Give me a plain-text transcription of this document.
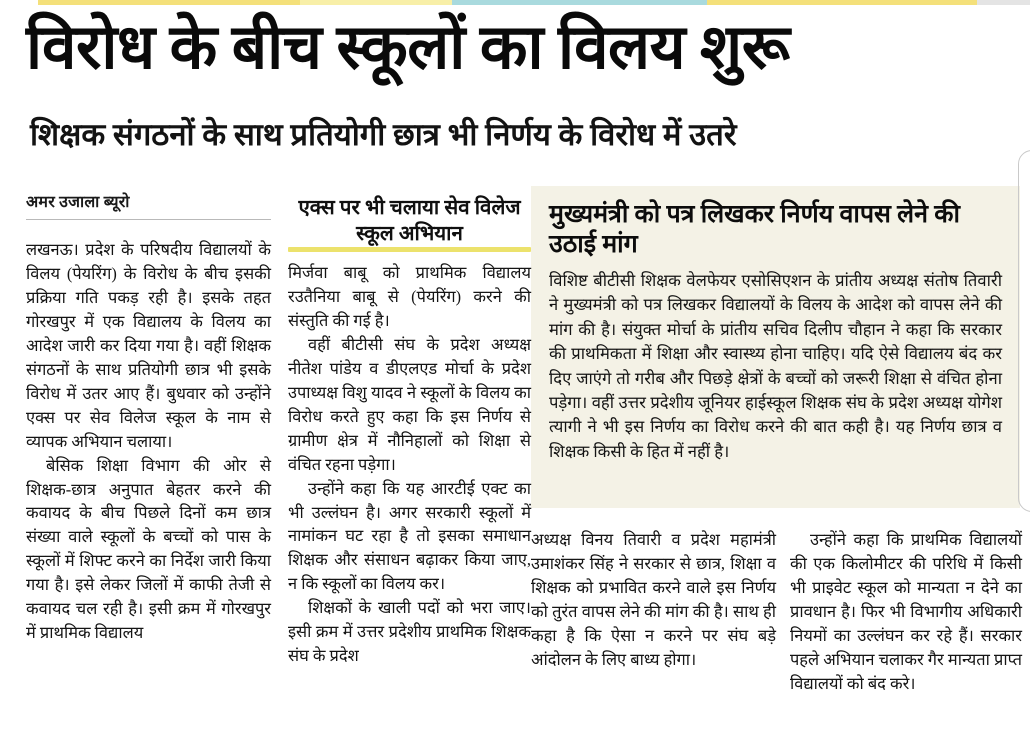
विरोध के बीच स्कूलों का विलय शुरू
शिक्षक संगठनों के साथ प्रतियोगी छात्र भी निर्णय के विरोध में उतरे
अमर उजाला ब्यूरो	एक्स पर भी चलाया सेव विलेज स्कूल अभियान
मुख्यमंत्री को पत्र लिखकर निर्णय वापस लेने की उठाई मांग

विशिष्ट बीटीसी शिक्षक वेलफेयर एसोसिएशन के प्रांतीय अध्यक्ष संतोष तिवारी ने मुख्यमंत्री को पत्र लिखकर विद्यालयों के विलय के आदेश को वापस लेने की मांग की है। संयुक्त मोर्चा के प्रांतीय सचिव दिलीप चौहान ने कहा कि सरकार की प्राथमिकता में शिक्षा और स्वास्थ्य होना चाहिए। यदि ऐसे विद्यालय बंद कर दिए जाएंगे तो गरीब और पिछड़े क्षेत्रों के बच्चों को जरूरी शिक्षा से वंचित होना पड़ेगा। वहीं उत्तर प्रदेशीय जूनियर हाईस्कूल शिक्षक संघ के प्रदेश अध्यक्ष योगेश त्यागी ने भी इस निर्णय का विरोध करने की बात कही है। यह निर्णय छात्र व शिक्षक किसी के हित में नहीं है।

लखनऊ। प्रदेश के परिषदीय विद्यालयों के विलय (पेयरिंग) के विरोध के बीच इसकी प्रक्रिया गति पकड़ रही है। इसके तहत गोरखपुर में एक विद्यालय के विलय का आदेश जारी कर दिया गया है। वहीं शिक्षक संगठनों के साथ प्रतियोगी छात्र भी इसके विरोध में उतर आए हैं। बुधवार को उन्होंने एक्स पर सेव विलेज स्कूल के नाम से व्यापक अभियान चलाया।

बेसिक शिक्षा विभाग की ओर से शिक्षक-छात्र अनुपात बेहतर करने की कवायद के बीच पिछले दिनों कम छात्र संख्या वाले स्कूलों के बच्चों को पास के स्कूलों में शिफ्ट करने का निर्देश जारी किया गया है। इसे लेकर जिलों में काफी तेजी से कवायद चल रही है। इसी क्रम में गोरखपुर में प्राथमिक विद्यालय

मिर्जवा बाबू को प्राथमिक विद्यालय रउतैनिया बाबू से (पेयरिंग) करने की संस्तुति की गई है।

वहीं बीटीसी संघ के प्रदेश अध्यक्ष नीतेश पांडेय व डीएलएड मोर्चा के प्रदेश उपाध्यक्ष विशु यादव ने स्कूलों के विलय का विरोध करते हुए कहा कि इस निर्णय से ग्रामीण क्षेत्र में नौनिहालों को शिक्षा से वंचित रहना पड़ेगा।

उन्होंने कहा कि यह आरटीई एक्ट का भी उल्लंघन है। अगर सरकारी स्कूलों में नामांकन घट रहा है तो इसका समाधान शिक्षक और संसाधन बढ़ाकर किया जाए, न कि स्कूलों का विलय कर।

शिक्षकों के खाली पदों को भरा जाए। इसी क्रम में उत्तर प्रदेशीय प्राथमिक शिक्षक संघ के प्रदेश

अध्यक्ष विनय तिवारी व प्रदेश महामंत्री उमाशंकर सिंह ने सरकार से छात्र, शिक्षा व शिक्षक को प्रभावित करने वाले इस निर्णय को तुरंत वापस लेने की मांग की है। साथ ही कहा है कि ऐसा न करने पर संघ बड़े आंदोलन के लिए बाध्य होगा।

उन्होंने कहा कि प्राथमिक विद्यालयों की एक किलोमीटर की परिधि में किसी भी प्राइवेट स्कूल को मान्यता न देने का प्रावधान है। फिर भी विभागीय अधिकारी नियमों का उल्लंघन कर रहे हैं। सरकार पहले अभियान चलाकर गैर मान्यता प्राप्त विद्यालयों को बंद करे।
